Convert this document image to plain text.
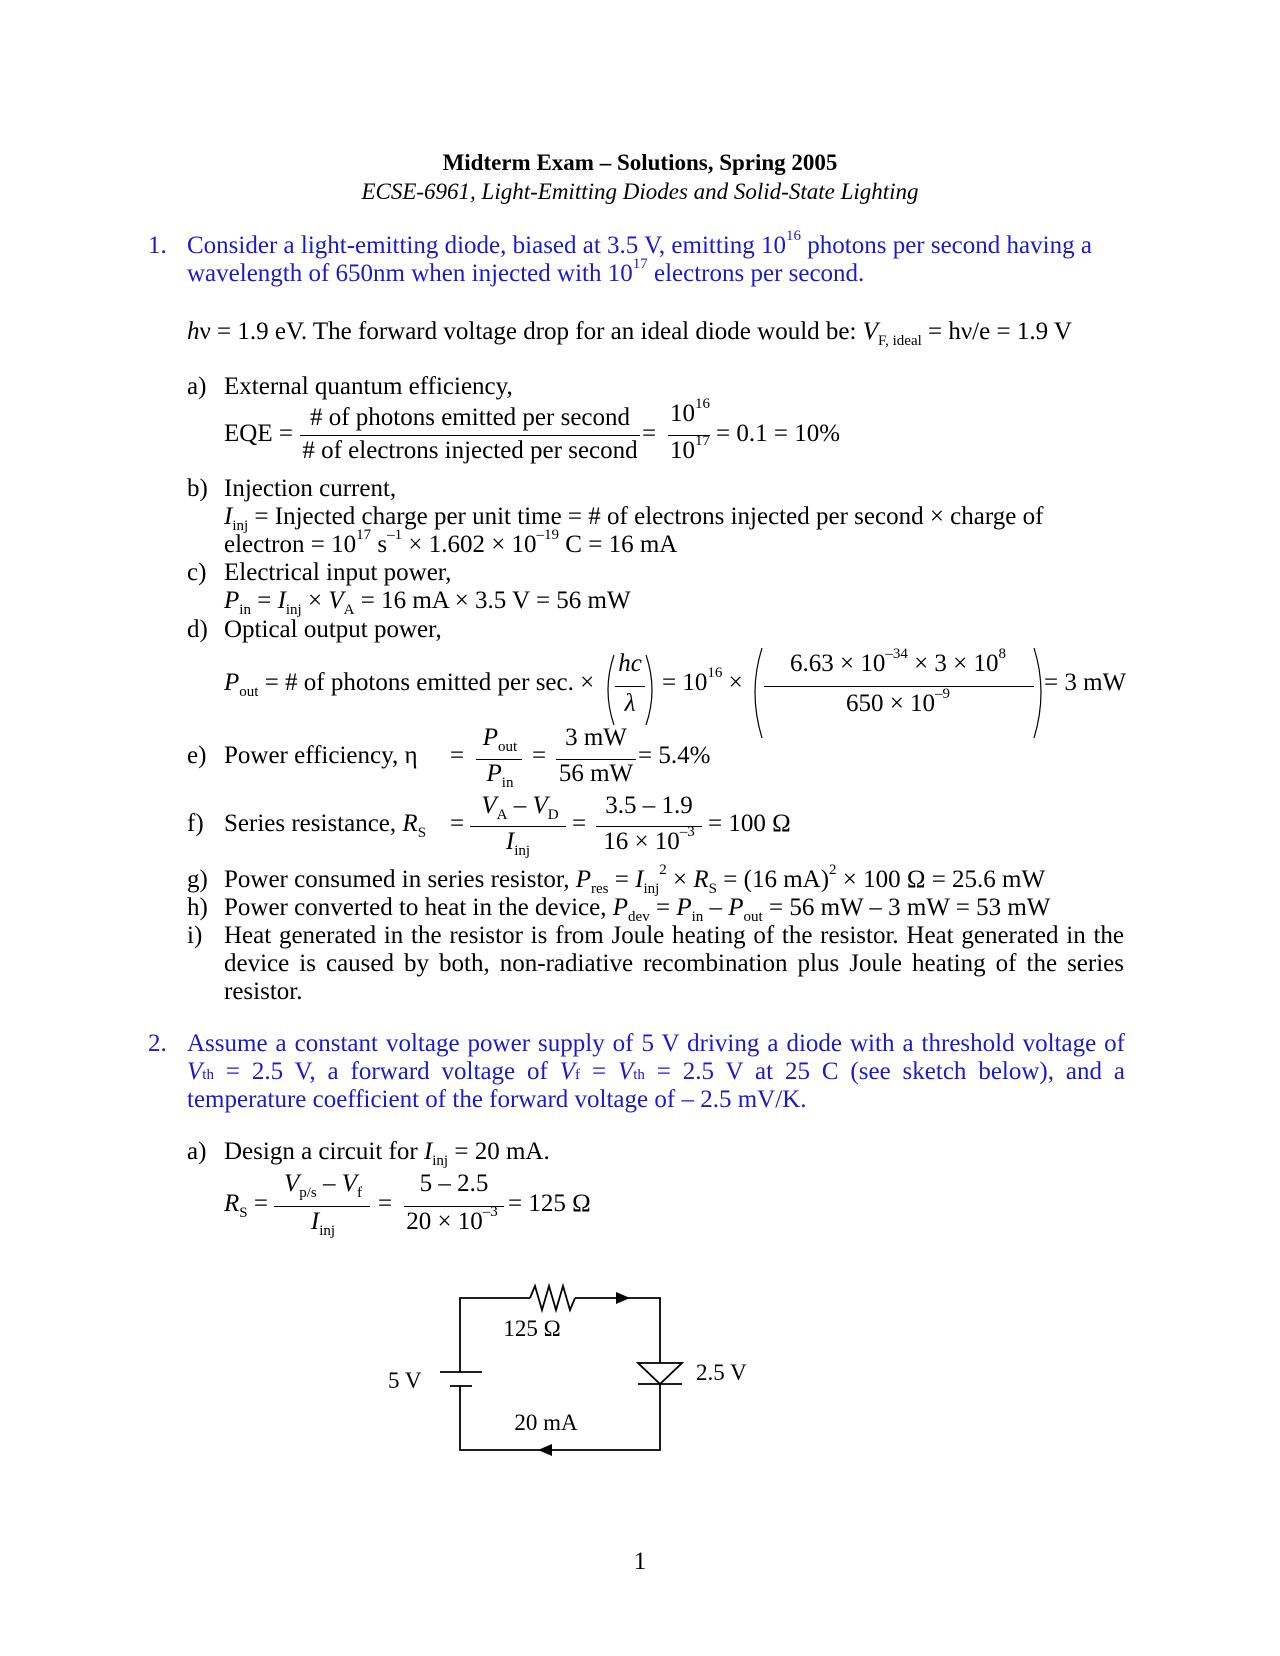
Midterm Exam – Solutions, Spring 2005
ECSE-6961, Light-Emitting Diodes and Solid-State Lighting
1. Consider a light-emitting diode, biased at 3.5 V, emitting $10^{16}$ photons per second having a
wavelength of 650nm when injected with $10^{17}$ electrons per second.
hν = 1.9 eV. The forward voltage drop for an ideal diode would be: $V_{F, ideal} = h\nu/e = 1.9$ V
a) External quantum efficiency,
EQE =
# of photons emitted per second
# of electrons injected per second
=
$10^{16}$
$10^{17} = 0.1 = 10\%$
b) Injection current,
$I_{inj}$ = Injected charge per unit time = # of electrons injected per second × charge of
electron = $10^{17}$ $s^{-1} \times 1.602 \times 10^{-19}$ C = 16 mA
c) Electrical input power,
$P_{in} = I_{inj} \times V_A = 16$ mA × 3.5 V = 56 mW
d) Optical output power,
$P_{out}$ = # of photons emitted per sec. ×
hc
λ
= $10^{16}$ ×
$6.63 \times 10^{-34} \times 3 \times 10^8$
$650 \times 10^{-9}$	= 3 mW
e) Power efficiency, η =
$P_{out}$
$P_{in}$
=
3 mW
56 mW
= 5.4%
f) Series resistance, $R_S$ =
$V_A - V_D$
$I_{inj}$
=
3.5 – 1.9
$16 \times 10^{-3} = 100$ Ω
g) Power consumed in series resistor, $P_{res} = I_{inj}^2 \times R_S = (16$ mA)$^2$ × 100 Ω = 25.6 mW
h) Power converted to heat in the device, $P_{dev} = P_{in} - P_{out} = 56$ mW – 3 mW = 53 mW
i) Heat generated in the resistor is from Joule heating of the resistor. Heat generated in the device is caused by both, non-radiative recombination plus Joule heating of the series resistor.
2. Assume a constant voltage power supply of 5 V driving a diode with a threshold voltage of $V_{th} = 2.5$ V, a forward voltage of $V_f = V_{th} = 2.5$ V at 25 C (see sketch below), and a temperature coefficient of the forward voltage of – 2.5 mV/K.
a) Design a circuit for $I_{inj} = 20$ mA.
$R_S$ =
$V_{p/s} - V_f$
$I_{inj}$
=
5 – 2.5
$20 \times 10^{-3} = 125$ Ω
125 Ω
5 V	2.5 V
20 mA
1
